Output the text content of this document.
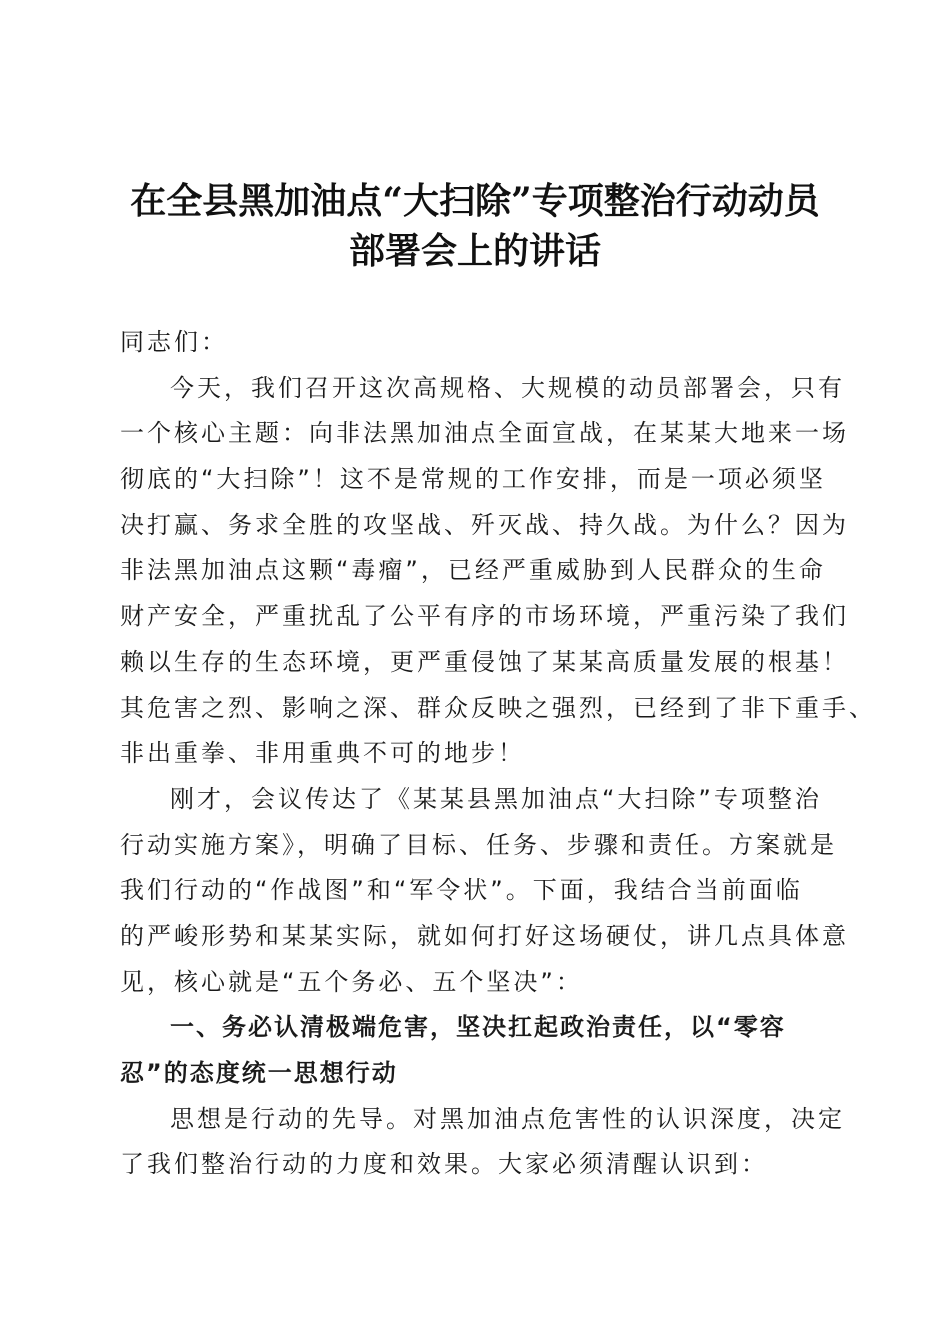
在全县黑加油点“大扫除”专项整治行动动员
部署会上的讲话
同志们：
今天，我们召开这次高规格、大规模的动员部署会，只有
一个核心主题：向非法黑加油点全面宣战，在某某大地来一场
彻底的“大扫除”！这不是常规的工作安排，而是一项必须坚
决打赢、务求全胜的攻坚战、歼灭战、持久战。为什么？因为
非法黑加油点这颗“毒瘤”，已经严重威胁到人民群众的生命
财产安全，严重扰乱了公平有序的市场环境，严重污染了我们
赖以生存的生态环境，更严重侵蚀了某某高质量发展的根基！
其危害之烈、影响之深、群众反映之强烈，已经到了非下重手、
非出重拳、非用重典不可的地步！
刚才，会议传达了《某某县黑加油点“大扫除”专项整治
行动实施方案》，明确了目标、任务、步骤和责任。方案就是
我们行动的“作战图”和“军令状”。下面，我结合当前面临
的严峻形势和某某实际，就如何打好这场硬仗，讲几点具体意
见，核心就是“五个务必、五个坚决”：
一、务必认清极端危害，坚决扛起政治责任，以“零容
忍”的态度统一思想行动
思想是行动的先导。对黑加油点危害性的认识深度，决定
了我们整治行动的力度和效果。大家必须清醒认识到：
